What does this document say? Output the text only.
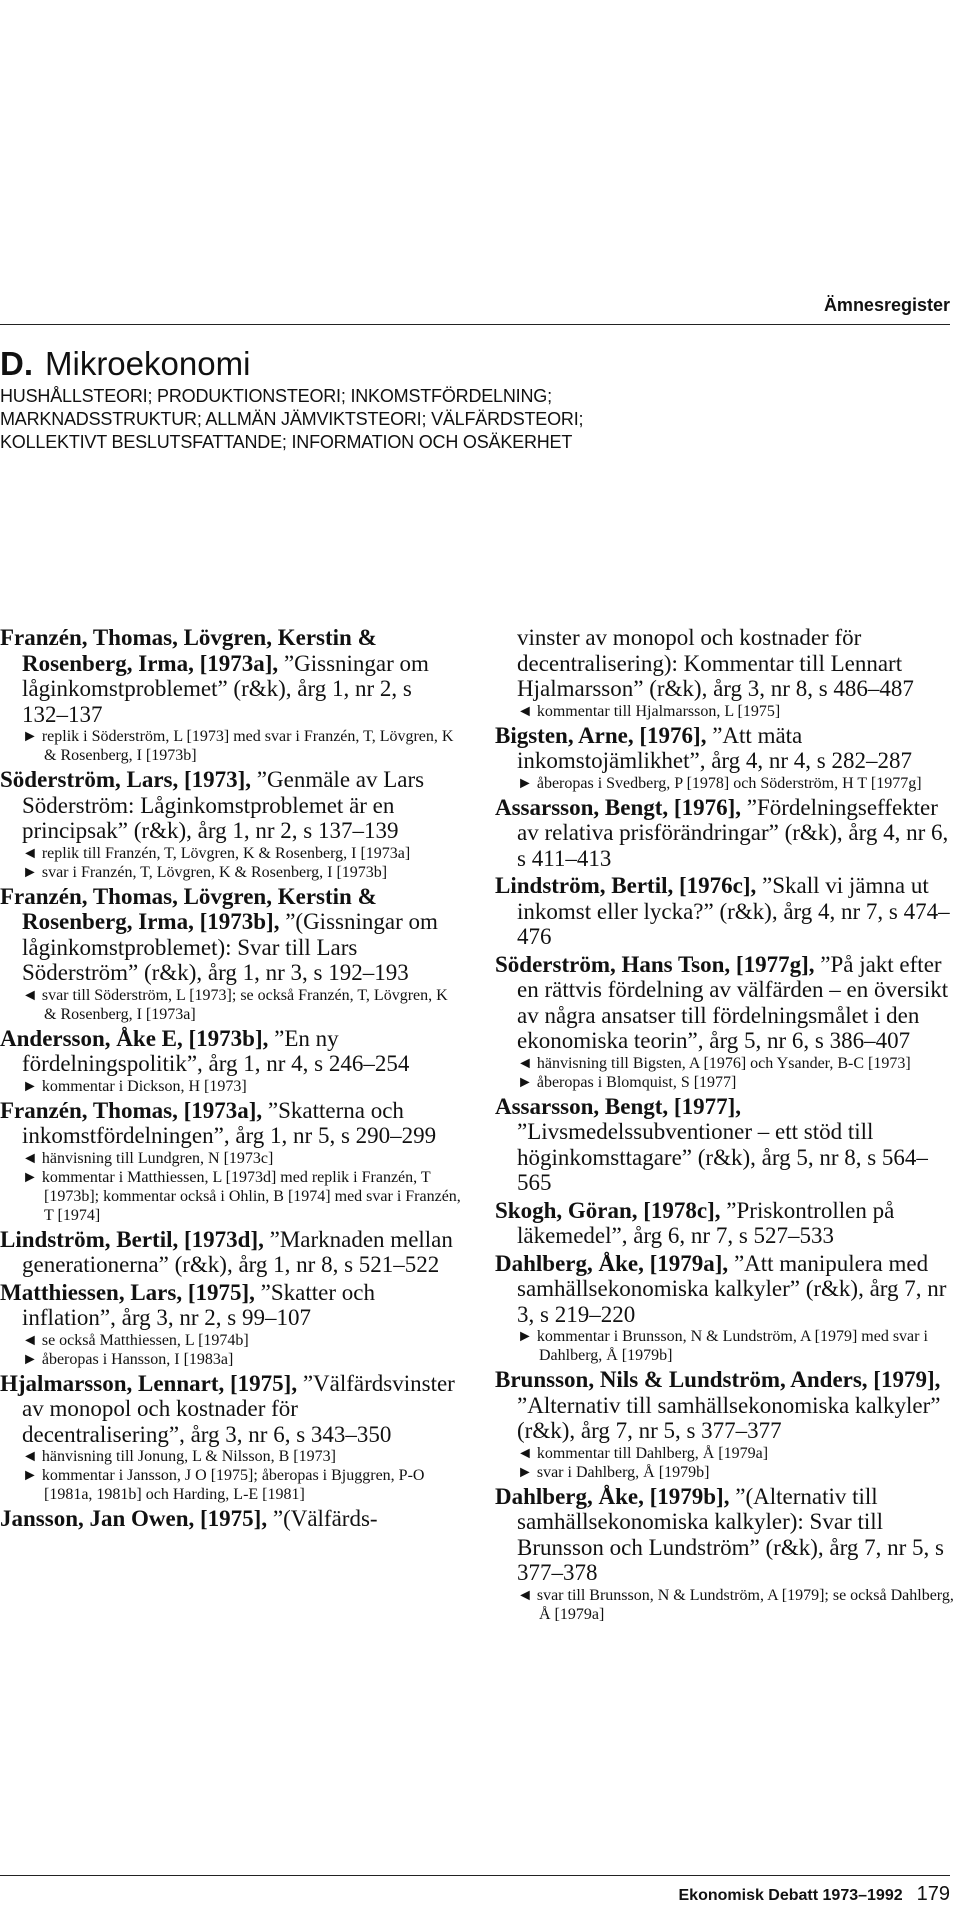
Ämnesregister
D. Mikroekonomi
HUSHÅLLSTEORI; PRODUKTIONSTEORI; INKOMSTFÖRDELNING;
MARKNADSSTRUKTUR; ALLMÄN JÄMVIKTSTEORI; VÄLFÄRDSTEORI;
KOLLEKTIVT BESLUTSFATTANDE; INFORMATION OCH OSÄKERHET
Franzén, Thomas, Lövgren, Kerstin & Rosenberg, Irma, [1973a], ”Gissningar om låginkomstproblemet” (r&k), årg 1, nr 2, s 132–137
► replik i Söderström, L [1973] med svar i Franzén, T, Lövgren, K & Rosenberg, I [1973b]
Söderström, Lars, [1973], ”Genmäle av Lars Söderström: Låginkomstproblemet är en principsak” (r&k), årg 1, nr 2, s 137–139
◄ replik till Franzén, T, Lövgren, K & Rosenberg, I [1973a]
► svar i Franzén, T, Lövgren, K & Rosenberg, I [1973b]
Franzén, Thomas, Lövgren, Kerstin & Rosenberg, Irma, [1973b], ”(Gissningar om låginkomstproblemet): Svar till Lars Söderström” (r&k), årg 1, nr 3, s 192–193
◄ svar till Söderström, L [1973]; se också Franzén, T, Lövgren, K & Rosenberg, I [1973a]
Andersson, Åke E, [1973b], ”En ny fördelningspolitik”, årg 1, nr 4, s 246–254
► kommentar i Dickson, H [1973]
Franzén, Thomas, [1973a], ”Skatterna och inkomstfördelningen”, årg 1, nr 5, s 290–299
◄ hänvisning till Lundgren, N [1973c]
► kommentar i Matthiessen, L [1973d] med replik i Franzén, T [1973b]; kommentar också i Ohlin, B [1974] med svar i Franzén, T [1974]
Lindström, Bertil, [1973d], ”Marknaden mellan generationerna” (r&k), årg 1, nr 8, s 521–522
Matthiessen, Lars, [1975], ”Skatter och inflation”, årg 3, nr 2, s 99–107
◄ se också Matthiessen, L [1974b]
► åberopas i Hansson, I [1983a]
Hjalmarsson, Lennart, [1975], ”Välfärdsvinster av monopol och kostnader för decentralisering”, årg 3, nr 6, s 343–350
◄ hänvisning till Jonung, L & Nilsson, B [1973]
► kommentar i Jansson, J O [1975]; åberopas i Bjuggren, P-O [1981a, 1981b] och Harding, L-E [1981]
Jansson, Jan Owen, [1975], ”(Välfärds-
vinster av monopol och kostnader för decentralisering): Kommentar till Lennart Hjalmarsson” (r&k), årg 3, nr 8, s 486–487
◄ kommentar till Hjalmarsson, L [1975]
Bigsten, Arne, [1976], ”Att mäta inkomstojämlikhet”, årg 4, nr 4, s 282–287
► åberopas i Svedberg, P [1978] och Söderström, H T [1977g]
Assarsson, Bengt, [1976], ”Fördelningseffekter av relativa prisförändringar” (r&k), årg 4, nr 6, s 411–413
Lindström, Bertil, [1976c], ”Skall vi jämna ut inkomst eller lycka?” (r&k), årg 4, nr 7, s 474–476
Söderström, Hans Tson, [1977g], ”På jakt efter en rättvis fördelning av välfärden – en översikt av några ansatser till fördelningsmålet i den ekonomiska teorin”, årg 5, nr 6, s 386–407
◄ hänvisning till Bigsten, A [1976] och Ysander, B-C [1973]
► åberopas i Blomquist, S [1977]
Assarsson, Bengt, [1977], ”Livsmedelssubventioner – ett stöd till höginkomsttagare” (r&k), årg 5, nr 8, s 564–565
Skogh, Göran, [1978c], ”Priskontrollen på läkemedel”, årg 6, nr 7, s 527–533
Dahlberg, Åke, [1979a], ”Att manipulera med samhällsekonomiska kalkyler” (r&k), årg 7, nr 3, s 219–220
► kommentar i Brunsson, N & Lundström, A [1979] med svar i Dahlberg, Å [1979b]
Brunsson, Nils & Lundström, Anders, [1979], ”Alternativ till samhällsekonomiska kalkyler” (r&k), årg 7, nr 5, s 377–377
◄ kommentar till Dahlberg, Å [1979a]
► svar i Dahlberg, Å [1979b]
Dahlberg, Åke, [1979b], ”(Alternativ till samhällsekonomiska kalkyler): Svar till Brunsson och Lundström” (r&k), årg 7, nr 5, s 377–378
◄ svar till Brunsson, N & Lundström, A [1979]; se också Dahlberg, Å [1979a]
Ekonomisk Debatt 1973–1992 179
